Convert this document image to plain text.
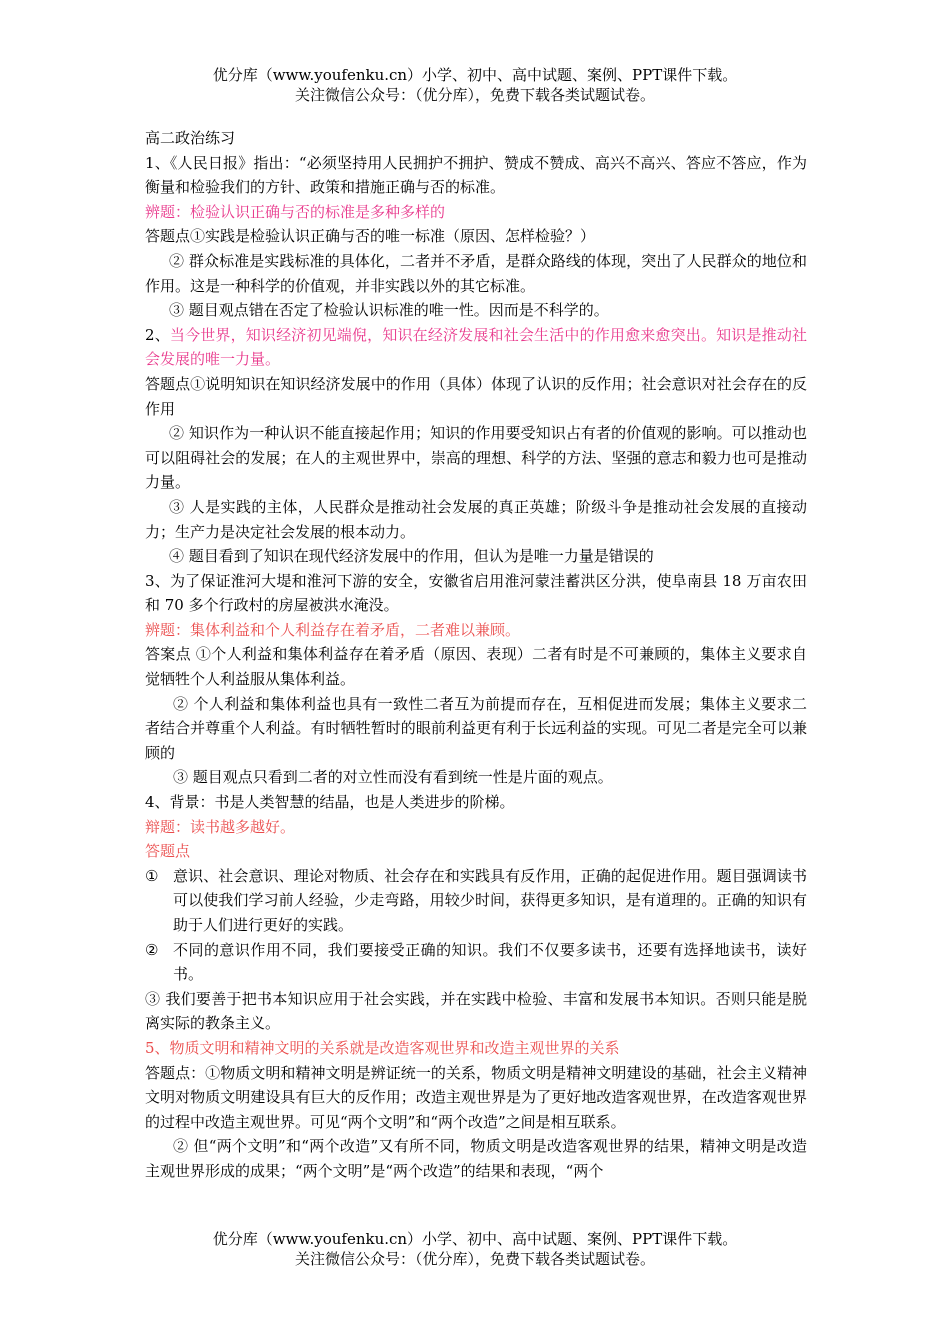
优分库（www.youfenku.cn）小学、初中、高中试题、案例、PPT课件下载。
关注微信公众号：（优分库），免费下载各类试题试卷。

高二政治练习

1、《人民日报》指出：“必须坚持用人民拥护不拥护、赞成不赞成、高兴不高兴、答应不答应，作为衡量和检验我们的方针、政策和措施正确与否的标准。

辨题：检验认识正确与否的标准是多种多样的

答题点①实践是检验认识正确与否的唯一标准（原因、怎样检验？）

② 群众标准是实践标准的具体化，二者并不矛盾，是群众路线的体现，突出了人民群众的地位和作用。这是一种科学的价值观，并非实践以外的其它标准。

③ 题目观点错在否定了检验认识标准的唯一性。因而是不科学的。

2、当今世界，知识经济初见端倪，知识在经济发展和社会生活中的作用愈来愈突出。知识是推动社会发展的唯一力量。

答题点①说明知识在知识经济发展中的作用（具体）体现了认识的反作用；社会意识对社会存在的反作用

② 知识作为一种认识不能直接起作用；知识的作用要受知识占有者的价值观的影响。可以推动也可以阻碍社会的发展；在人的主观世界中，崇高的理想、科学的方法、坚强的意志和毅力也可是推动力量。

③ 人是实践的主体，人民群众是推动社会发展的真正英雄；阶级斗争是推动社会发展的直接动力；生产力是决定社会发展的根本动力。

④ 题目看到了知识在现代经济发展中的作用，但认为是唯一力量是错误的

3、为了保证淮河大堤和淮河下游的安全，安徽省启用淮河蒙洼蓄洪区分洪，使阜南县 18 万亩农田和 70 多个行政村的房屋被洪水淹没。

辨题：集体利益和个人利益存在着矛盾，二者难以兼顾。

答案点 ①个人利益和集体利益存在着矛盾（原因、表现）二者有时是不可兼顾的，集体主义要求自觉牺牲个人利益服从集体利益。

② 个人利益和集体利益也具有一致性二者互为前提而存在，互相促进而发展；集体主义要求二者结合并尊重个人利益。有时牺牲暂时的眼前利益更有利于长远利益的实现。可见二者是完全可以兼顾的

③ 题目观点只看到二者的对立性而没有看到统一性是片面的观点。

4、背景：书是人类智慧的结晶，也是人类进步的阶梯。

辩题：读书越多越好。

答题点

① 意识、社会意识、理论对物质、社会存在和实践具有反作用，正确的起促进作用。题目强调读书可以使我们学习前人经验，少走弯路，用较少时间，获得更多知识，是有道理的。正确的知识有助于人们进行更好的实践。
② 不同的意识作用不同，我们要接受正确的知识。我们不仅要多读书，还要有选择地读书，读好书。

③ 我们要善于把书本知识应用于社会实践，并在实践中检验、丰富和发展书本知识。否则只能是脱离实际的教条主义。

5、物质文明和精神文明的关系就是改造客观世界和改造主观世界的关系

答题点：①物质文明和精神文明是辨证统一的关系，物质文明是精神文明建设的基础，社会主义精神文明对物质文明建设具有巨大的反作用；改造主观世界是为了更好地改造客观世界，在改造客观世界的过程中改造主观世界。可见“两个文明”和“两个改造”之间是相互联系。

② 但“两个文明”和“两个改造”又有所不同，物质文明是改造客观世界的结果，精神文明是改造主观世界形成的成果；“两个文明”是“两个改造”的结果和表现，“两个

优分库（www.youfenku.cn）小学、初中、高中试题、案例、PPT课件下载。
关注微信公众号：（优分库），免费下载各类试题试卷。
